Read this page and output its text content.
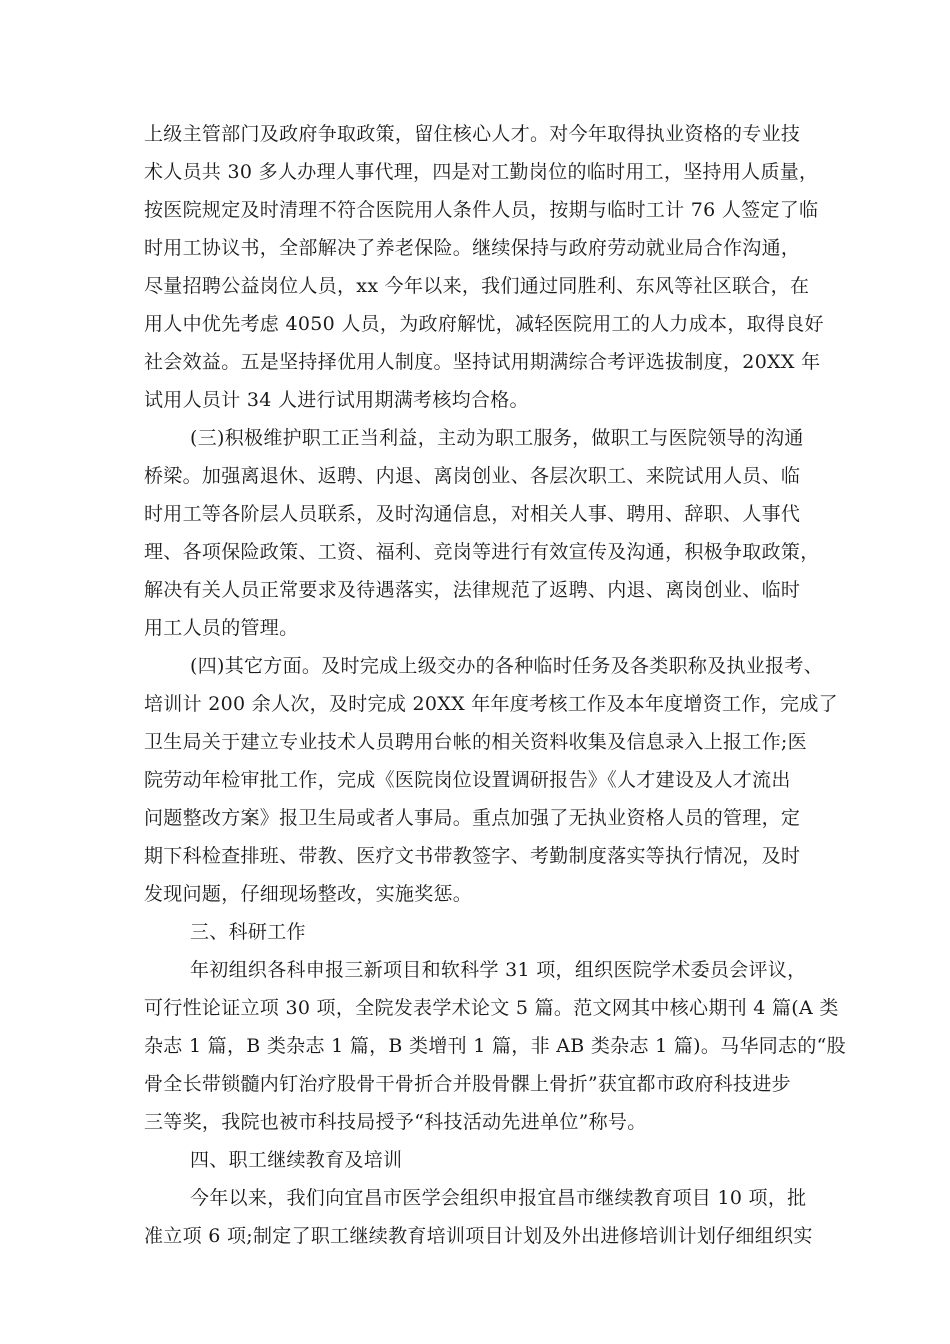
上级主管部门及政府争取政策，留住核心人才。对今年取得执业资格的专业技
术人员共 30 多人办理人事代理，四是对工勤岗位的临时用工，坚持用人质量，
按医院规定及时清理不符合医院用人条件人员，按期与临时工计 76 人签定了临
时用工协议书，全部解决了养老保险。继续保持与政府劳动就业局合作沟通，
尽量招聘公益岗位人员，xx 今年以来，我们通过同胜利、东风等社区联合，在
用人中优先考虑 4050 人员，为政府解忧，减轻医院用工的人力成本，取得良好
社会效益。五是坚持择优用人制度。坚持试用期满综合考评选拔制度，20XX 年
试用人员计 34 人进行试用期满考核均合格。
(三)积极维护职工正当利益，主动为职工服务，做职工与医院领导的沟通
桥梁。加强离退休、返聘、内退、离岗创业、各层次职工、来院试用人员、临
时用工等各阶层人员联系，及时沟通信息，对相关人事、聘用、辞职、人事代
理、各项保险政策、工资、福利、竞岗等进行有效宣传及沟通，积极争取政策，
解决有关人员正常要求及待遇落实，法律规范了返聘、内退、离岗创业、临时
用工人员的管理。
(四)其它方面。及时完成上级交办的各种临时任务及各类职称及执业报考、
培训计 200 余人次，及时完成 20XX 年年度考核工作及本年度增资工作，完成了
卫生局关于建立专业技术人员聘用台帐的相关资料收集及信息录入上报工作;医
院劳动年检审批工作，完成《医院岗位设置调研报告》《人才建设及人才流出
问题整改方案》报卫生局或者人事局。重点加强了无执业资格人员的管理，定
期下科检查排班、带教、医疗文书带教签字、考勤制度落实等执行情况，及时
发现问题，仔细现场整改，实施奖惩。
三、科研工作
年初组织各科申报三新项目和软科学 31 项，组织医院学术委员会评议，
可行性论证立项 30 项，全院发表学术论文 5 篇。范文网其中核心期刊 4 篇(A 类
杂志 1 篇，B 类杂志 1 篇，B 类增刊 1 篇，非 AB 类杂志 1 篇)。马华同志的“股
骨全长带锁髓内钉治疗股骨干骨折合并股骨髁上骨折”获宜都市政府科技进步
三等奖，我院也被市科技局授予“科技活动先进单位”称号。
四、职工继续教育及培训
今年以来，我们向宜昌市医学会组织申报宜昌市继续教育项目 10 项，批
准立项 6 项;制定了职工继续教育培训项目计划及外出进修培训计划仔细组织实
